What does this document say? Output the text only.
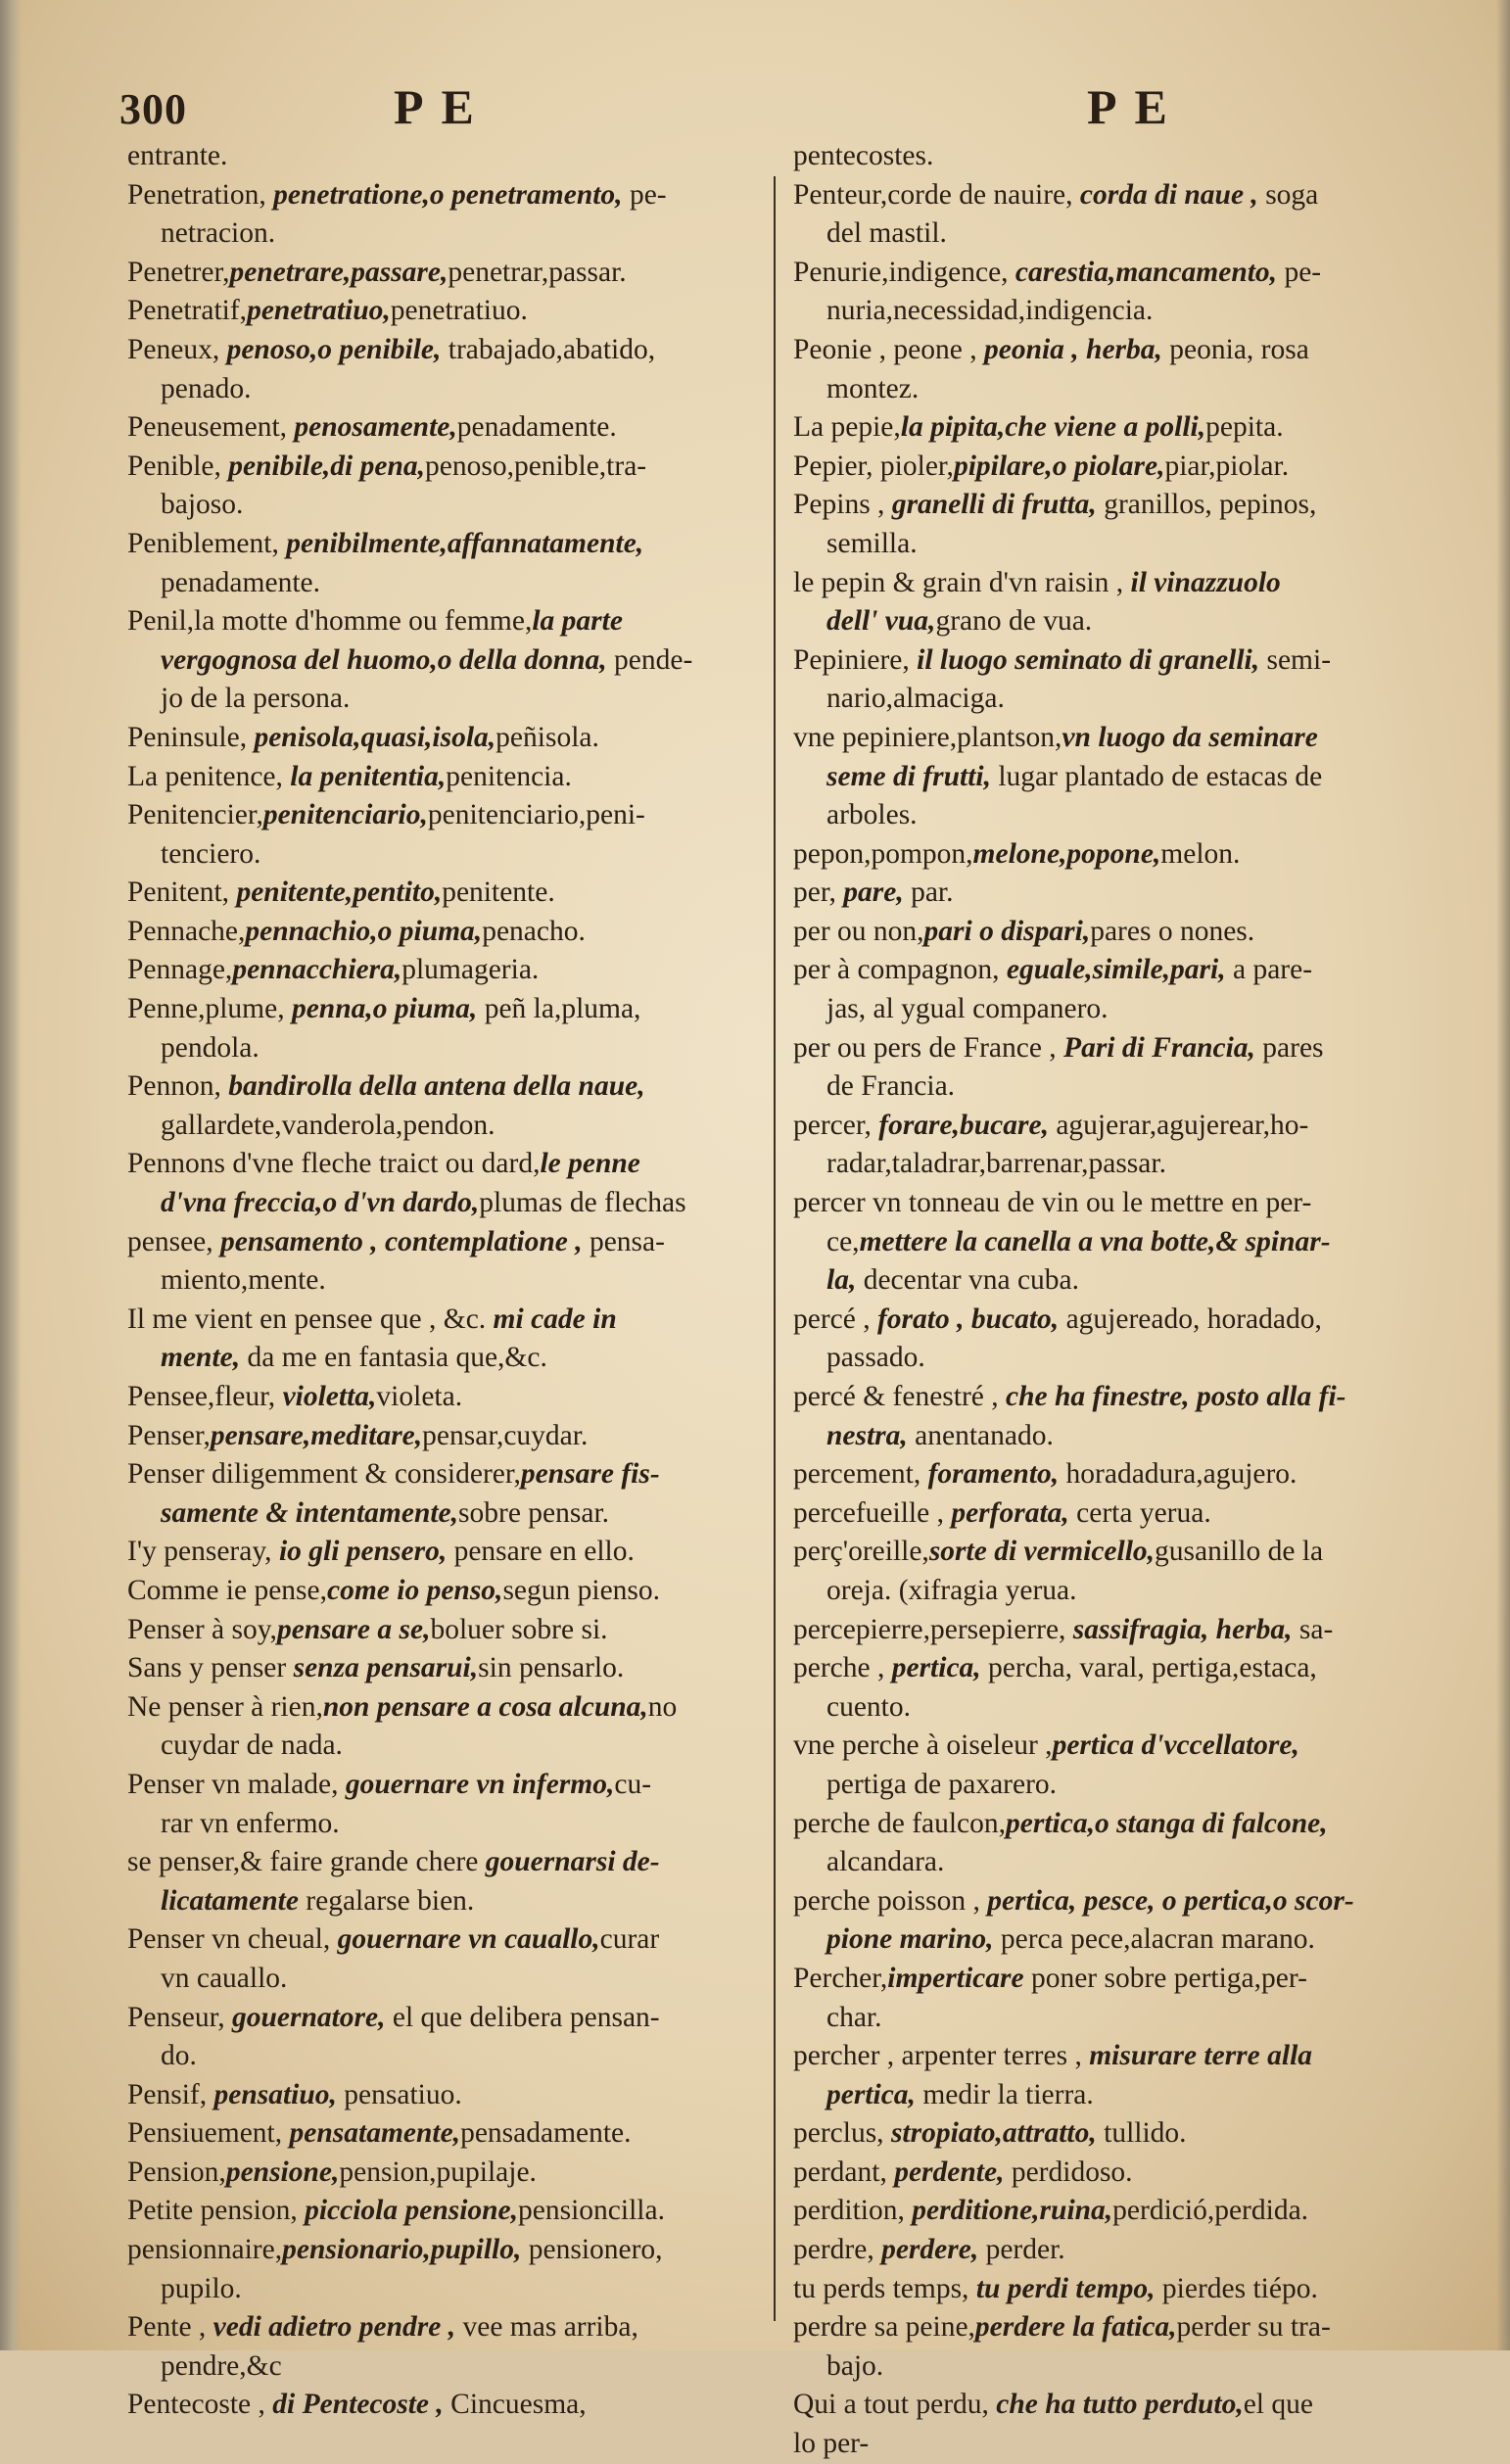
300	PE	PE
entrante.
Penetration, penetratione,o penetramento, pe-
netracion.
Penetrer,penetrare,passare,penetrar,passar.
Penetratif,penetratiuo,penetratiuo.
Peneux, penoso,o penibile, trabajado,abatido,
penado.
Peneusement, penosamente,penadamente.
Penible, penibile,di pena,penoso,penible,tra-
bajoso.
Peniblement, penibilmente,affannatamente,
penadamente.
Penil,la motte d'homme ou femme,la parte
vergognosa del huomo,o della donna, pende-
jo de la persona.
Peninsule, penisola,quasi,isola,peñisola.
La penitence, la penitentia,penitencia.
Penitencier,penitenciario,penitenciario,peni-
tenciero.
Penitent, penitente,pentito,penitente.
Pennache,pennachio,o piuma,penacho.
Pennage,pennacchiera,plumageria.
Penne,plume, penna,o piuma, peñ la,pluma,
pendola.
Pennon, bandirolla della antena della naue,
gallardete,vanderola,pendon.
Pennons d'vne fleche traict ou dard,le penne
d'vna freccia,o d'vn dardo,plumas de flechas
pensee, pensamento , contemplatione , pensa-
miento,mente.
Il me vient en pensee que , &c. mi cade in
mente, da me en fantasia que,&c.
Pensee,fleur, violetta,violeta.
Penser,pensare,meditare,pensar,cuydar.
Penser diligemment & considerer,pensare fis-
samente & intentamente,sobre pensar.
I'y penseray, io gli pensero, pensare en ello.
Comme ie pense,come io penso,segun pienso.
Penser à soy,pensare a se,boluer sobre si.
Sans y penser senza pensarui,sin pensarlo.
Ne penser à rien,non pensare a cosa alcuna,no
cuydar de nada.
Penser vn malade, gouernare vn infermo,cu-
rar vn enfermo.
se penser,& faire grande chere gouernarsi de-
licatamente regalarse bien.
Penser vn cheual, gouernare vn cauallo,curar
vn cauallo.
Penseur, gouernatore, el que delibera pensan-
do.
Pensif, pensatiuo, pensatiuo.
Pensiuement, pensatamente,pensadamente.
Pension,pensione,pension,pupilaje.
Petite pension, picciola pensione,pensioncilla.
pensionnaire,pensionario,pupillo, pensionero,
pupilo.
Pente , vedi adietro pendre , vee mas arriba,
pendre,&c
Pentecoste , di Pentecoste , Cincuesma,
pentecostes.
Penteur,corde de nauire, corda di naue , soga
del mastil.
Penurie,indigence, carestia,mancamento, pe-
nuria,necessidad,indigencia.
Peonie , peone , peonia , herba, peonia, rosa
montez.
La pepie,la pipita,che viene a polli,pepita.
Pepier, pioler,pipilare,o piolare,piar,piolar.
Pepins , granelli di frutta, granillos, pepinos,
semilla.
le pepin & grain d'vn raisin , il vinazzuolo
dell' vua,grano de vua.
Pepiniere, il luogo seminato di granelli, semi-
nario,almaciga.
vne pepiniere,plantson,vn luogo da seminare
seme di frutti, lugar plantado de estacas de
arboles.
pepon,pompon,melone,popone,melon.
per, pare, par.
per ou non,pari o dispari,pares o nones.
per à compagnon, eguale,simile,pari, a pare-
jas, al ygual companero.
per ou pers de France , Pari di Francia, pares
de Francia.
percer, forare,bucare, agujerar,agujerear,ho-
radar,taladrar,barrenar,passar.
percer vn tonneau de vin ou le mettre en per-
ce,mettere la canella a vna botte,& spinar-
la, decentar vna cuba.
percé , forato , bucato, agujereado, horadado,
passado.
percé & fenestré , che ha finestre, posto alla fi-
nestra, anentanado.
percement, foramento, horadadura,agujero.
percefueille , perforata, certa yerua.
perç'oreille,sorte di vermicello,gusanillo de la
oreja. (xifragia yerua.
percepierre,persepierre, sassifragia, herba, sa-
perche , pertica, percha, varal, pertiga,estaca,
cuento.
vne perche à oiseleur ,pertica d'vccellatore,
pertiga de paxarero.
perche de faulcon,pertica,o stanga di falcone,
alcandara.
perche poisson , pertica, pesce, o pertica,o scor-
pione marino, perca pece,alacran marano.
Percher,imperticare poner sobre pertiga,per-
char.
percher , arpenter terres , misurare terre alla
pertica, medir la tierra.
perclus, stropiato,attratto, tullido.
perdant, perdente, perdidoso.
perdition, perditione,ruina,perdició,perdida.
perdre, perdere, perder.
tu perds temps, tu perdi tempo, pierdes tiépo.
perdre sa peine,perdere la fatica,perder su tra-
bajo.
Qui a tout perdu, che ha tutto perduto,el que
lo per-
